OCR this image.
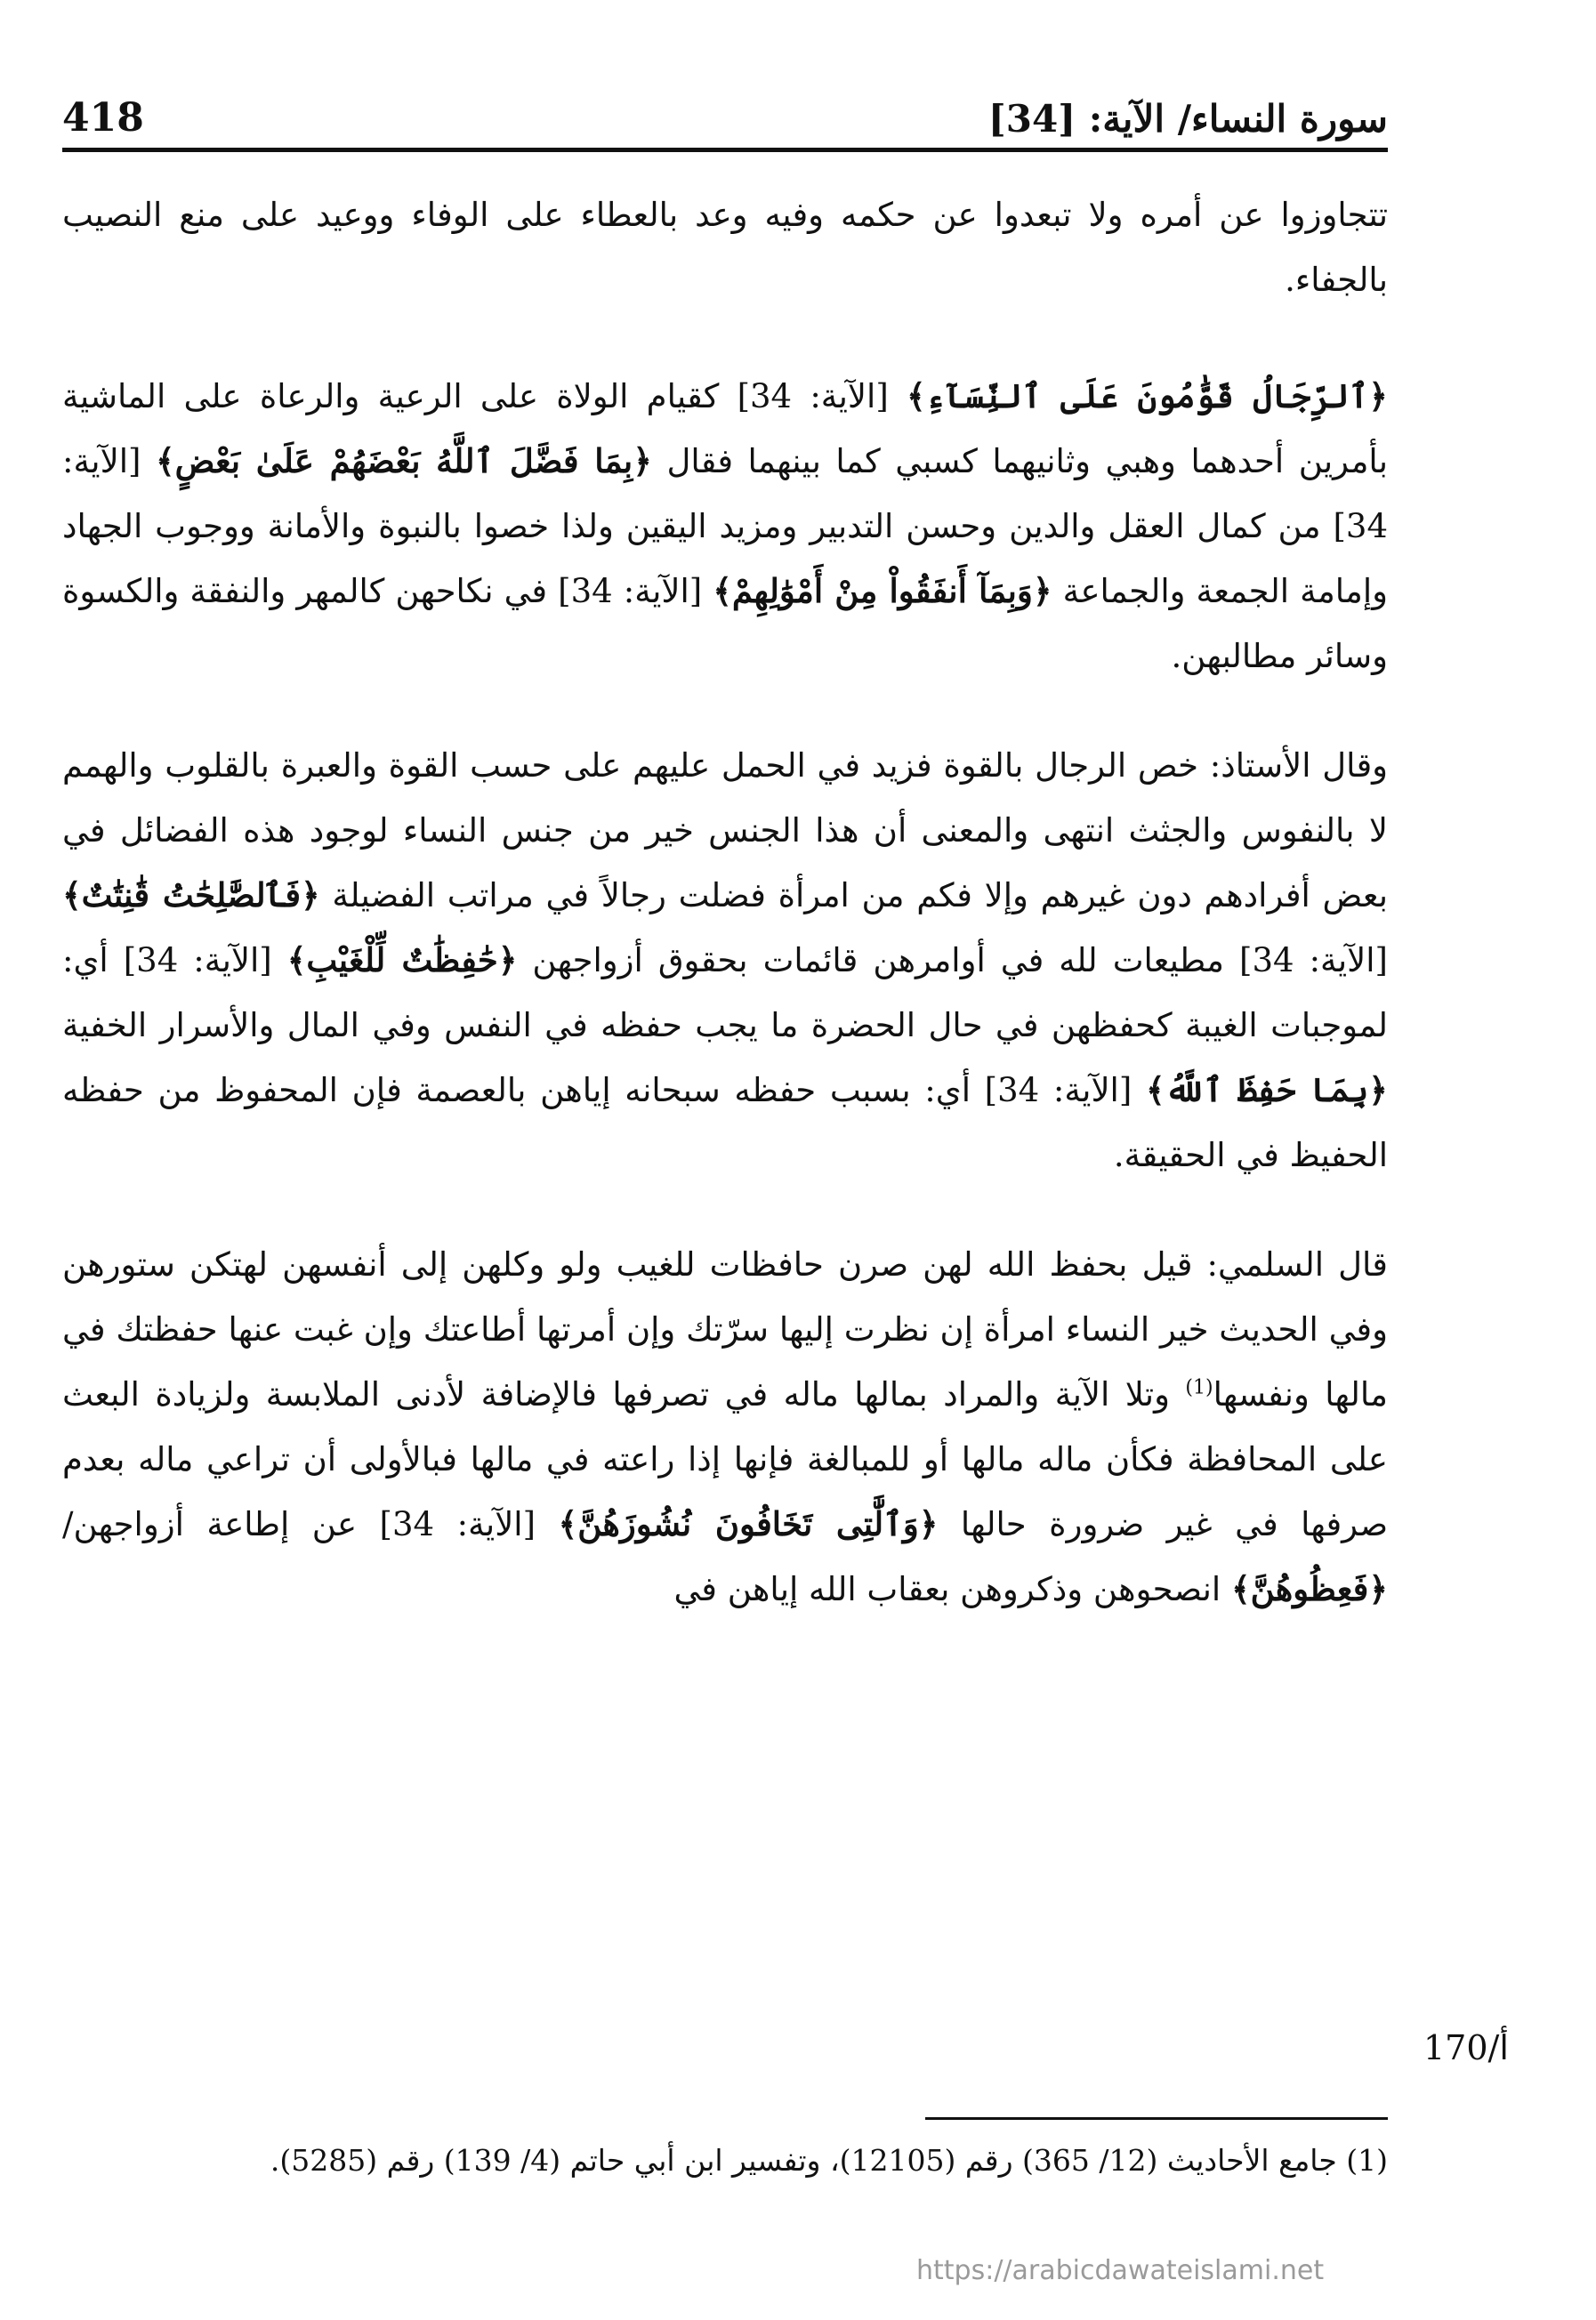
سورة النساء/ الآية: [34]
418

تتجاوزوا عن أمره ولا تبعدوا عن حكمه وفيه وعد بالعطاء على الوفاء ووعيد على منع النصيب بالجفاء.

﴿ٱلرِّجَالُ قَوَّٰمُونَ عَلَى ٱلنِّسَآءِ﴾ [الآية: 34] كقيام الولاة على الرعية والرعاة على الماشية بأمرين أحدهما وهبي وثانيهما كسبي كما بينهما فقال ﴿بِمَا فَضَّلَ ٱللَّهُ بَعْضَهُمْ عَلَىٰ بَعْضٍ﴾ [الآية: 34] من كمال العقل والدين وحسن التدبير ومزيد اليقين ولذا خصوا بالنبوة والأمانة ووجوب الجهاد وإمامة الجمعة والجماعة ﴿وَبِمَآ أَنفَقُواْ مِنْ أَمْوَٰلِهِمْ﴾ [الآية: 34] في نكاحهن كالمهر والنفقة والكسوة وسائر مطالبهن.

وقال الأستاذ: خص الرجال بالقوة فزيد في الحمل عليهم على حسب القوة والعبرة بالقلوب والهمم لا بالنفوس والجثث انتهى والمعنى أن هذا الجنس خير من جنس النساء لوجود هذه الفضائل في بعض أفرادهم دون غيرهم وإلا فكم من امرأة فضلت رجالاً في مراتب الفضيلة ﴿فَٱلصَّٰلِحَٰتُ قَٰنِتَٰتٌ﴾ [الآية: 34] مطيعات لله في أوامرهن قائمات بحقوق أزواجهن ﴿حَٰفِظَٰتٌ لِّلْغَيْبِ﴾ [الآية: 34] أي: لموجبات الغيبة كحفظهن في حال الحضرة ما يجب حفظه في النفس وفي المال والأسرار الخفية ﴿بِمَا حَفِظَ ٱللَّهُ﴾ [الآية: 34] أي: بسبب حفظه سبحانه إياهن بالعصمة فإن المحفوظ من حفظه الحفيظ في الحقيقة.

قال السلمي: قيل بحفظ الله لهن صرن حافظات للغيب ولو وكلهن إلى أنفسهن لهتكن ستورهن وفي الحديث خير النساء امرأة إن نظرت إليها سرّتك وإن أمرتها أطاعتك وإن غبت عنها حفظتك في مالها ونفسها$^{(1)}$ وتلا الآية والمراد بمالها ماله في تصرفها فالإضافة لأدنى الملابسة ولزيادة البعث على المحافظة فكأن ماله مالها أو للمبالغة فإنها إذا راعته في مالها فبالأولى أن تراعي ماله بعدم صرفها في غير ضرورة حالها ﴿وَٱلَّٰتِى تَخَافُونَ نُشُوزَهُنَّ﴾ [الآية: 34] عن إطاعة أزواجهن/ ﴿فَعِظُوهُنَّ﴾ انصحوهن وذكروهن بعقاب الله إياهن في

170/أ
(1) جامع الأحاديث (12/ 365) رقم (12105)، وتفسير ابن أبي حاتم (4/ 139) رقم (5285).
https://arabicdawateislami.net
